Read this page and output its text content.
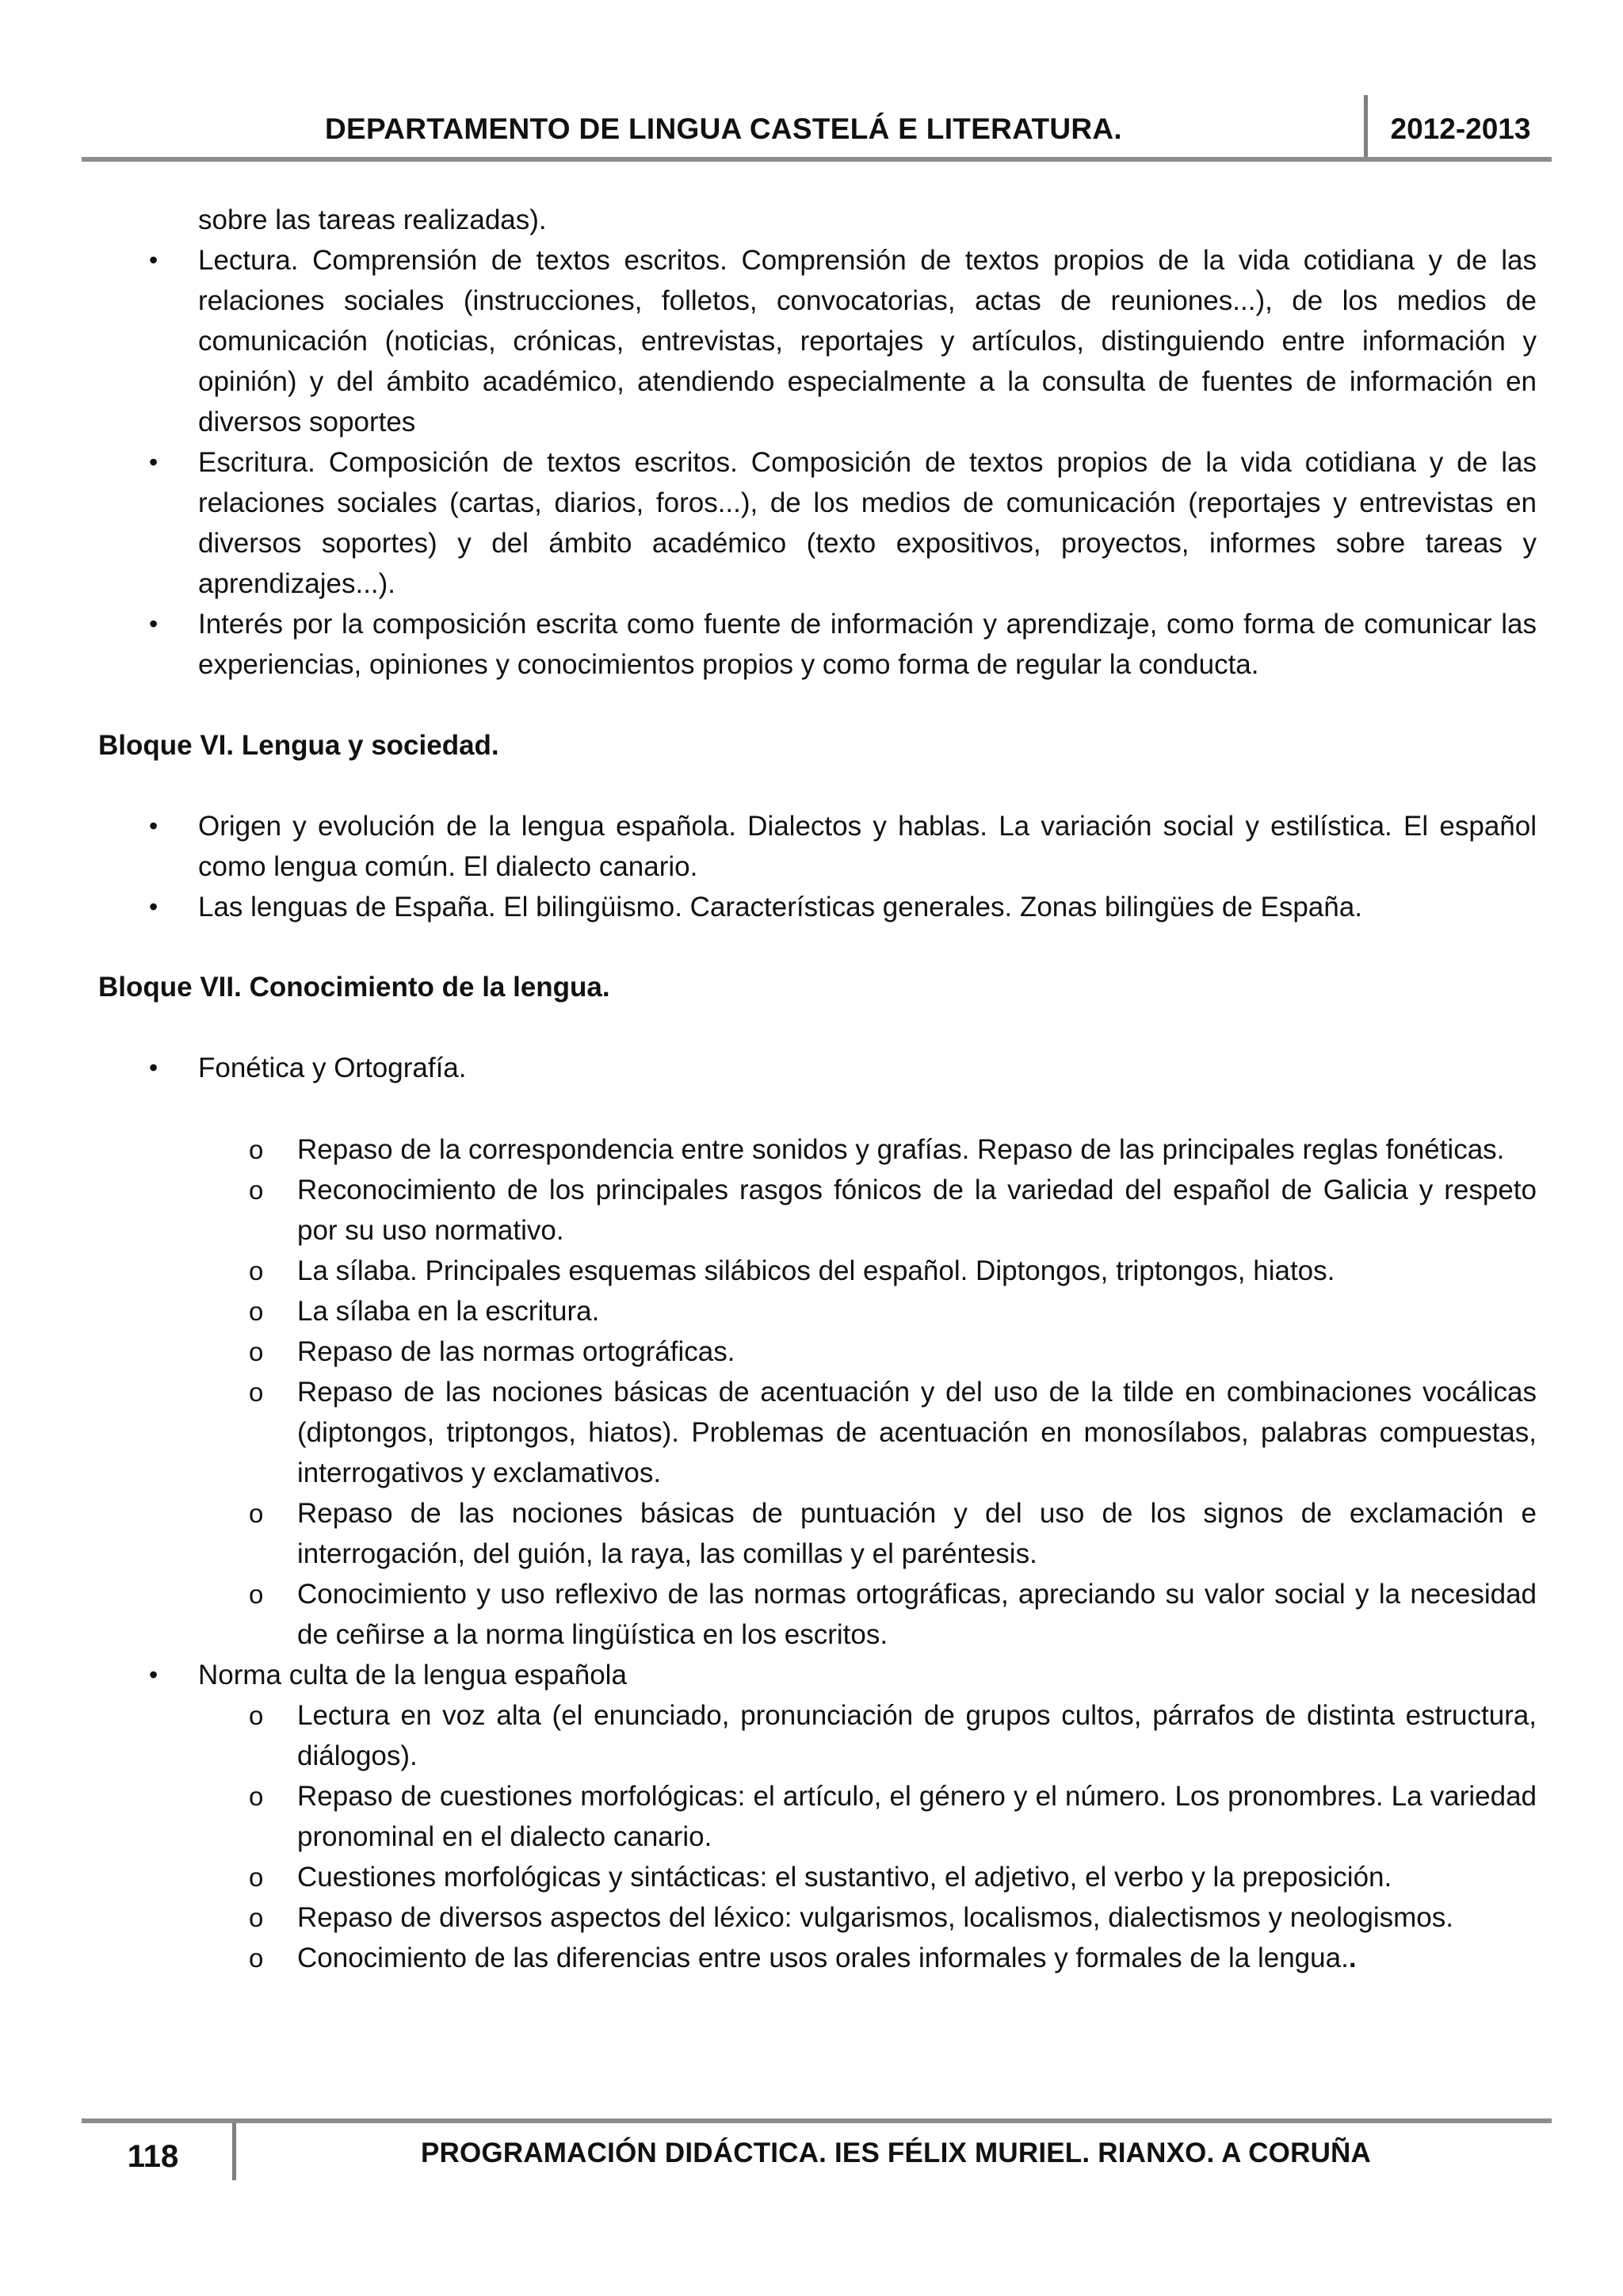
DEPARTAMENTO DE LINGUA CASTELÁ E LITERATURA.	2012-2013

sobre las tareas realizadas).

• Lectura. Comprensión de textos escritos. Comprensión de textos propios de la vida cotidiana y de las relaciones sociales (instrucciones, folletos, convocatorias, actas de reuniones...), de los medios de comunicación (noticias, crónicas, entrevistas, reportajes y artículos, distinguiendo entre información y opinión) y del ámbito académico, atendiendo especialmente a la consulta de fuentes de información en diversos soportes
• Escritura. Composición de textos escritos. Composición de textos propios de la vida cotidiana y de las relaciones sociales (cartas, diarios, foros...), de los medios de comunicación (reportajes y entrevistas en diversos soportes) y del ámbito académico (texto expositivos, proyectos, informes sobre tareas y aprendizajes...).
• Interés por la composición escrita como fuente de información y aprendizaje, como forma de comunicar las experiencias, opiniones y conocimientos propios y como forma de regular la conducta.

Bloque VI. Lengua y sociedad.

• Origen y evolución de la lengua española. Dialectos y hablas. La variación social y estilística. El español como lengua común. El dialecto canario.
• Las lenguas de España. El bilingüismo. Características generales. Zonas bilingües de España.

Bloque VII. Conocimiento de la lengua.

• Fonética y Ortografía.
o Repaso de la correspondencia entre sonidos y grafías. Repaso de las principales reglas fonéticas.
o Reconocimiento de los principales rasgos fónicos de la variedad del español de Galicia y respeto por su uso normativo.
o La sílaba. Principales esquemas silábicos del español. Diptongos, triptongos, hiatos.
o La sílaba en la escritura.
o Repaso de las normas ortográficas.
o Repaso de las nociones básicas de acentuación y del uso de la tilde en combinaciones vocálicas (diptongos, triptongos, hiatos). Problemas de acentuación en monosílabos, palabras compuestas, interrogativos y exclamativos.
o Repaso de las nociones básicas de puntuación y del uso de los signos de exclamación e interrogación, del guión, la raya, las comillas y el paréntesis.
o Conocimiento y uso reflexivo de las normas ortográficas, apreciando su valor social y la necesidad de ceñirse a la norma lingüística en los escritos.
• Norma culta de la lengua española
o Lectura en voz alta (el enunciado, pronunciación de grupos cultos, párrafos de distinta estructura, diálogos).
o Repaso de cuestiones morfológicas: el artículo, el género y el número. Los pronombres. La variedad pronominal en el dialecto canario.
o Cuestiones morfológicas y sintácticas: el sustantivo, el adjetivo, el verbo y la preposición.
o Repaso de diversos aspectos del léxico: vulgarismos, localismos, dialectismos y neologismos.
o Conocimiento de las diferencias entre usos orales informales y formales de la lengua..
118	PROGRAMACIÓN DIDÁCTICA. IES FÉLIX MURIEL. RIANXO. A CORUÑA
